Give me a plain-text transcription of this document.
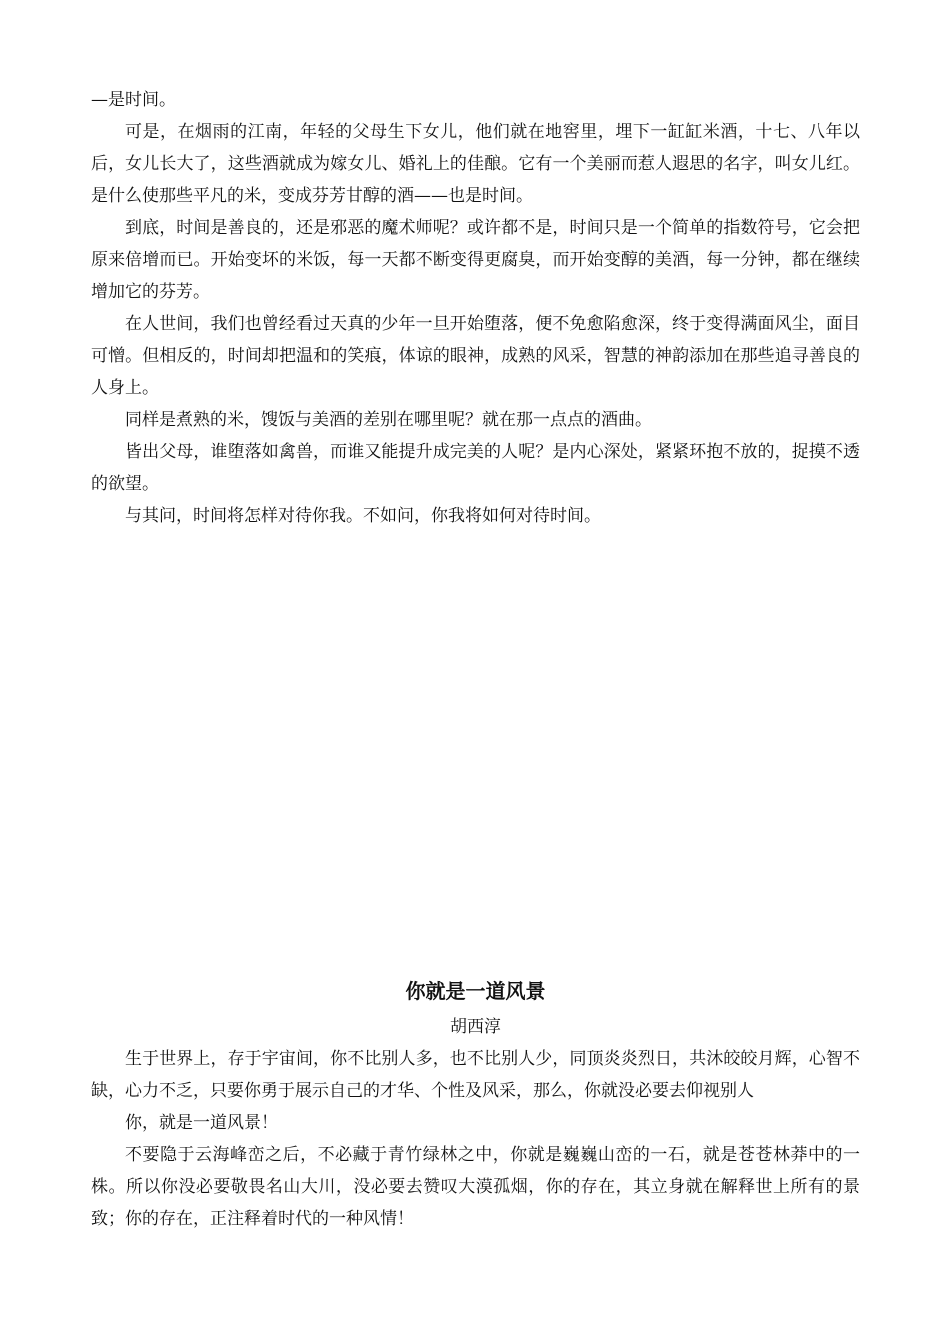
—是时间。

可是，在烟雨的江南，年轻的父母生下女儿，他们就在地窖里，埋下一缸缸米酒，十七、八年以后，女儿长大了，这些酒就成为嫁女儿、婚礼上的佳酿。它有一个美丽而惹人遐思的名字，叫女儿红。是什么使那些平凡的米，变成芬芳甘醇的酒——也是时间。

到底，时间是善良的，还是邪恶的魔术师呢？或许都不是，时间只是一个简单的指数符号，它会把原来倍增而已。开始变坏的米饭，每一天都不断变得更腐臭，而开始变醇的美酒，每一分钟，都在继续增加它的芬芳。

在人世间，我们也曾经看过天真的少年一旦开始堕落，便不免愈陷愈深，终于变得满面风尘，面目可憎。但相反的，时间却把温和的笑痕，体谅的眼神，成熟的风采，智慧的神韵添加在那些追寻善良的人身上。

同样是煮熟的米，馊饭与美酒的差别在哪里呢？就在那一点点的酒曲。

皆出父母，谁堕落如禽兽，而谁又能提升成完美的人呢？是内心深处，紧紧环抱不放的，捉摸不透的欲望。

与其问，时间将怎样对待你我。不如问，你我将如何对待时间。

你就是一道风景
胡西淳

生于世界上，存于宇宙间，你不比别人多，也不比别人少，同顶炎炎烈日，共沐皎皎月辉，心智不缺，心力不乏，只要你勇于展示自己的才华、个性及风采，那么，你就没必要去仰视别人

你，就是一道风景！

不要隐于云海峰峦之后，不必藏于青竹绿林之中，你就是巍巍山峦的一石，就是苍苍林莽中的一株。所以你没必要敬畏名山大川，没必要去赞叹大漠孤烟，你的存在，其立身就在解释世上所有的景致；你的存在，正注释着时代的一种风情！
